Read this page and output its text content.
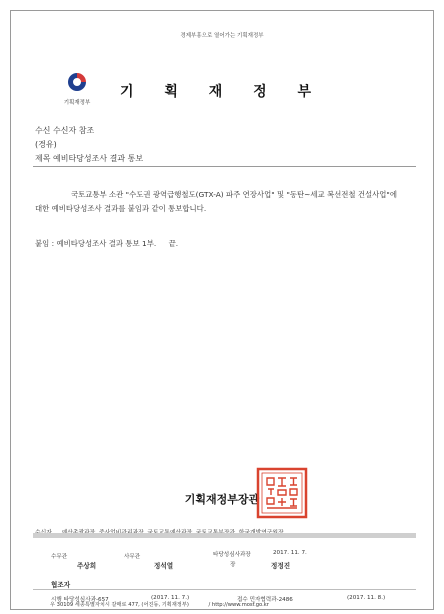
경제부흥으로 열어가는 기획재정부
기획재정부
기 획 재 정 부
수신 수신자 참조
(경유)
제목 예비타당성조사 결과 통보
국토교통부 소관 "수도권 광역급행철도(GTX-A) 파주 연장사업" 및 "동탄~세교 복선전철 건설사업"에 대한 예비타당성조사 결과를 붙임과 같이 통보합니다.
붙임 : 예비타당성조사 결과 통보 1부. 끝.
기획재정부장관
수무관
주상희
사무관
정석열
타당성심사과장	2017. 11. 7.
장	정정진
협조자
시행 타당성심사과-657	(2017. 11. 7.)	접수 민자협력과-2486	(2017. 11. 8.)
우 30109 세종특별자치시 갈매로 477, (어진동, 기획재정부)	/ http://www.mosf.go.kr
